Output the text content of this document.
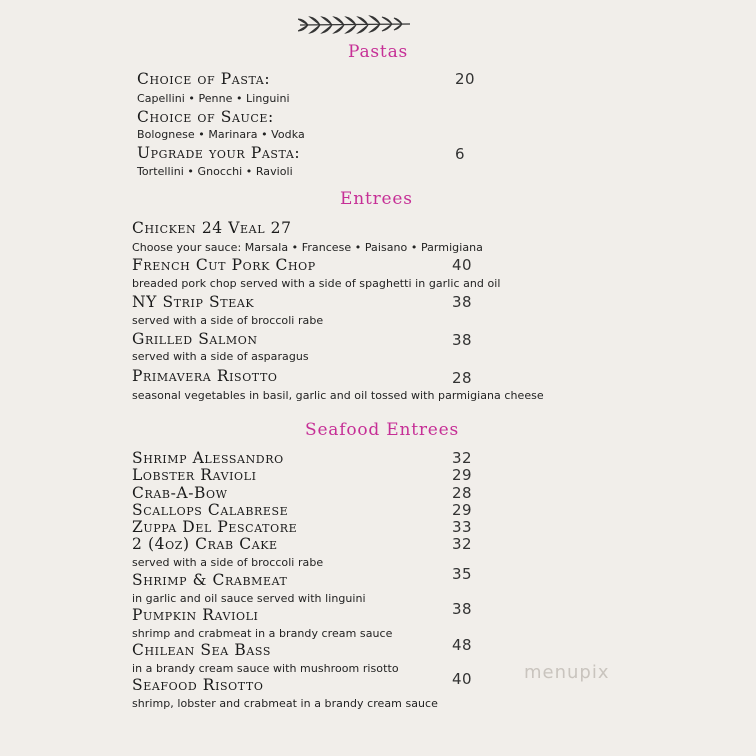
Pastas
Choice of Pasta:	20
Capellini • Penne • Linguini
Choice of Sauce:
Bolognese • Marinara • Vodka
Upgrade your Pasta:	6
Tortellini • Gnocchi • Ravioli
Entrees
Chicken 24 Veal 27
Choose your sauce: Marsala • Francese • Paisano • Parmigiana
French Cut Pork Chop	40
breaded pork chop served with a side of spaghetti in garlic and oil
NY Strip Steak	38
served with a side of broccoli rabe
Grilled Salmon	38
served with a side of asparagus
Primavera Risotto	28
seasonal vegetables in basil, garlic and oil tossed with parmigiana cheese
Seafood Entrees
Shrimp Alessandro	32
Lobster Ravioli	29
Crab-A-Bow	28
Scallops Calabrese	29
Zuppa Del Pescatore	33
2 (4oz) Crab Cake	32
served with a side of broccoli rabe
Shrimp & Crabmeat	35
in garlic and oil sauce served with linguini
Pumpkin Ravioli	38
shrimp and crabmeat in a brandy cream sauce
Chilean Sea Bass	48
in a brandy cream sauce with mushroom risotto
Seafood Risotto	40
shrimp, lobster and crabmeat in a brandy cream sauce
menupix
